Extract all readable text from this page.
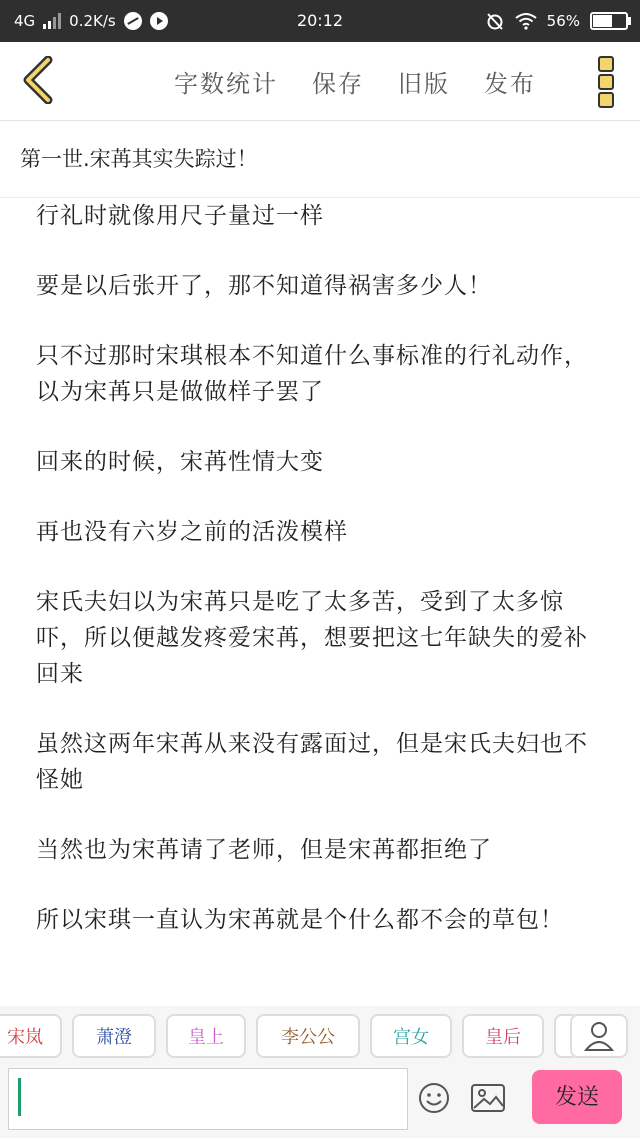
4G 0.2K/s	20:12	56%
字数统计 保存 旧版 发布
第一世.宋苒其实失踪过！

行礼时就像用尺子量过一样

要是以后张开了，那不知道得祸害多少人！

只不过那时宋琪根本不知道什么事标准的行礼动作，以为宋苒只是做做样子罢了

回来的时候，宋苒性情大变

再也没有六岁之前的活泼模样

宋氏夫妇以为宋苒只是吃了太多苦，受到了太多惊吓，所以便越发疼爱宋苒，想要把这七年缺失的爱补回来

虽然这两年宋苒从来没有露面过，但是宋氏夫妇也不怪她

当然也为宋苒请了老师，但是宋苒都拒绝了

所以宋琪一直认为宋苒就是个什么都不会的草包！

宋岚	萧澄	皇上	李公公	宫女	皇后
发送
